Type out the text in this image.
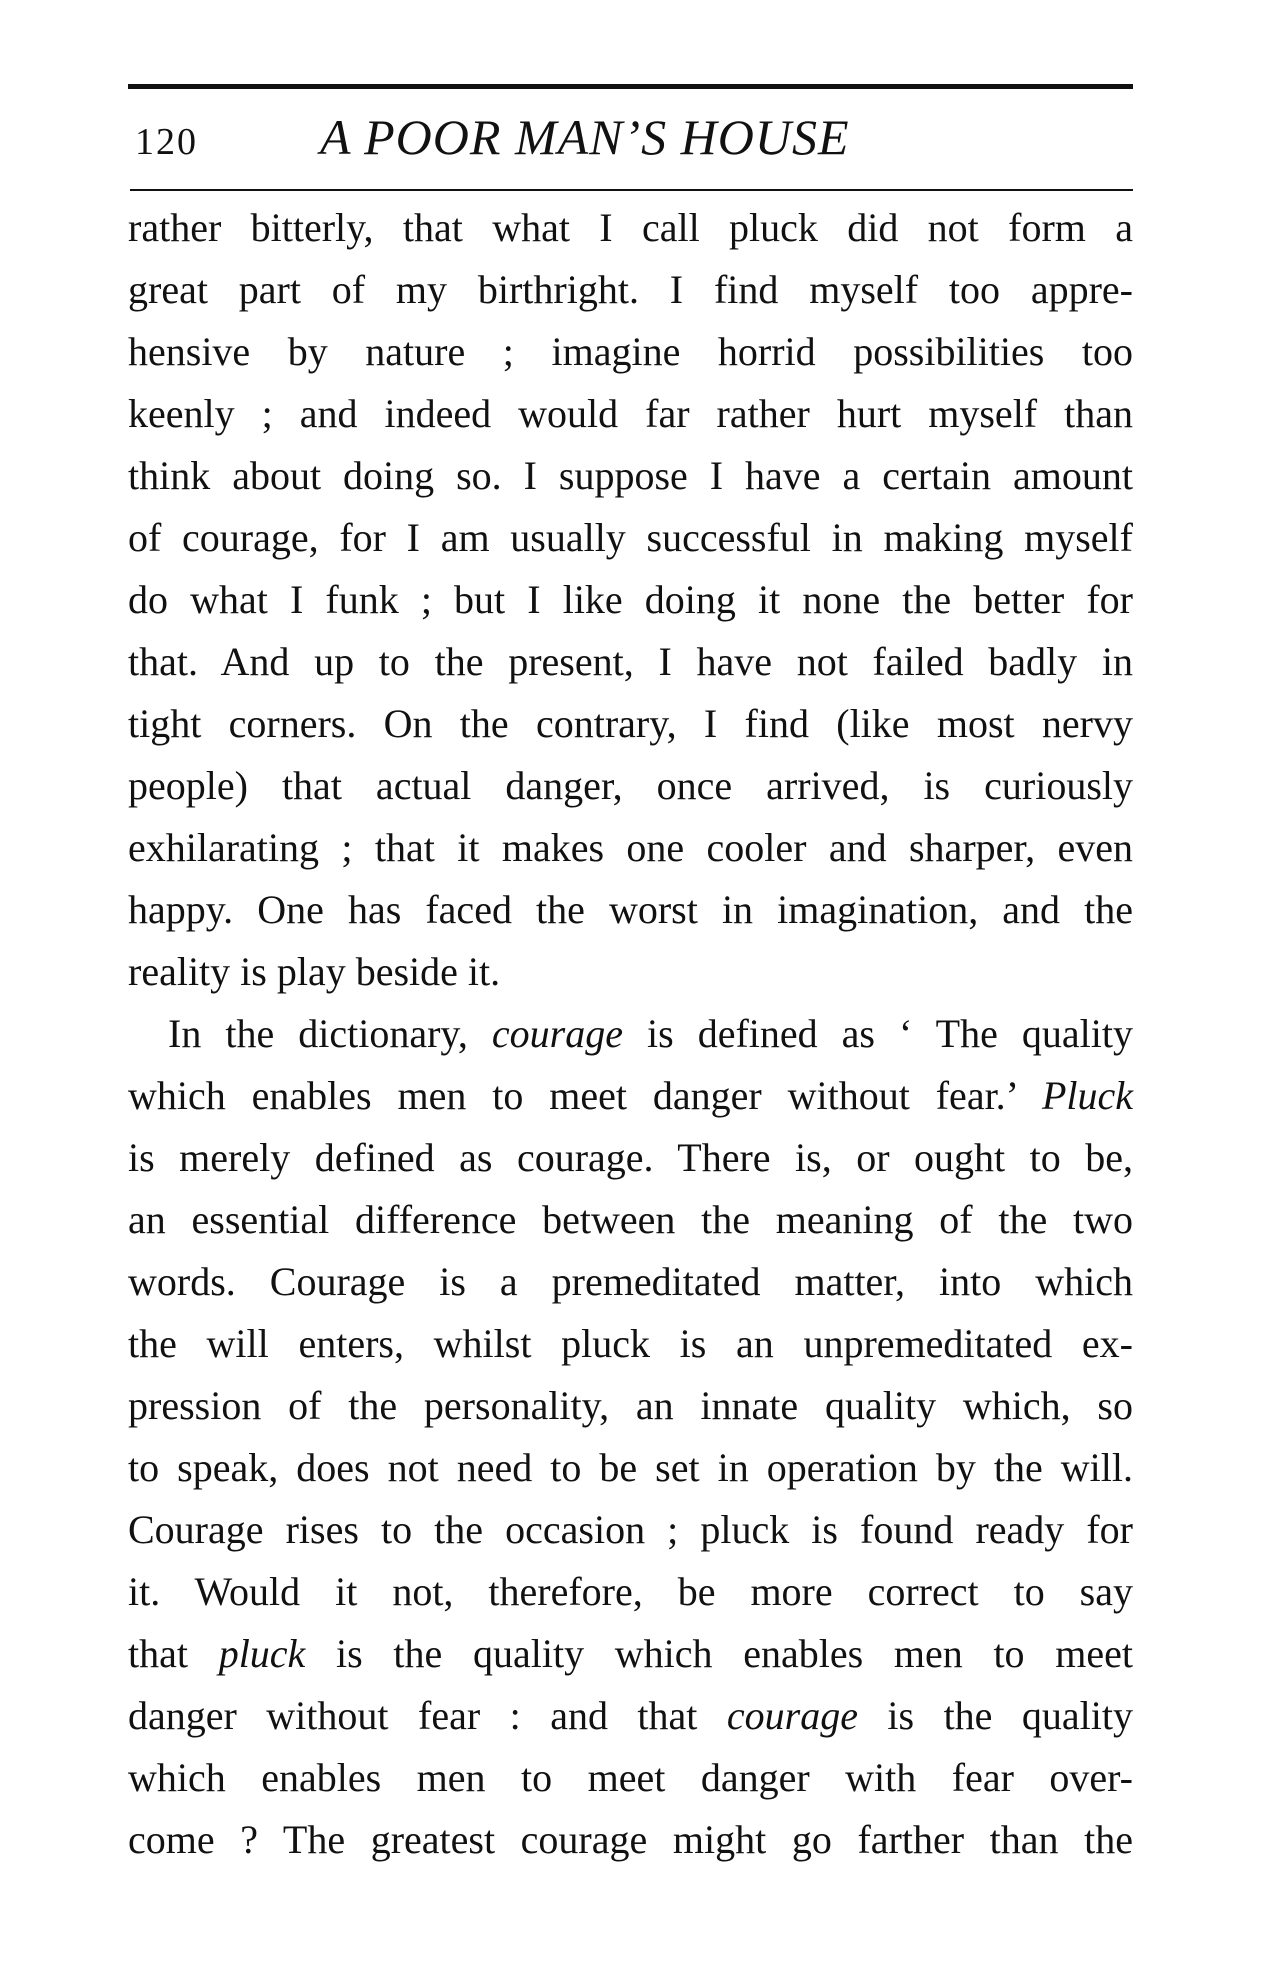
120 A POOR MAN’S HOUSE
rather bitterly, that what I call pluck did not form a
great part of my birthright. I find myself too appre-
hensive by nature ; imagine horrid possibilities too
keenly ; and indeed would far rather hurt myself than
think about doing so. I suppose I have a certain amount
of courage, for I am usually successful in making myself
do what I funk ; but I like doing it none the better for
that. And up to the present, I have not failed badly in
tight corners. On the contrary, I find (like most nervy
people) that actual danger, once arrived, is curiously
exhilarating ; that it makes one cooler and sharper, even
happy. One has faced the worst in imagination, and the
reality is play beside it.
In the dictionary, courage is defined as ‘ The quality
which enables men to meet danger without fear.’ Pluck
is merely defined as courage. There is, or ought to be,
an essential difference between the meaning of the two
words. Courage is a premeditated matter, into which
the will enters, whilst pluck is an unpremeditated ex-
pression of the personality, an innate quality which, so
to speak, does not need to be set in operation by the will.
Courage rises to the occasion ; pluck is found ready for
it. Would it not, therefore, be more correct to say
that pluck is the quality which enables men to meet
danger without fear : and that courage is the quality
which enables men to meet danger with fear over-
come ? The greatest courage might go farther than the
